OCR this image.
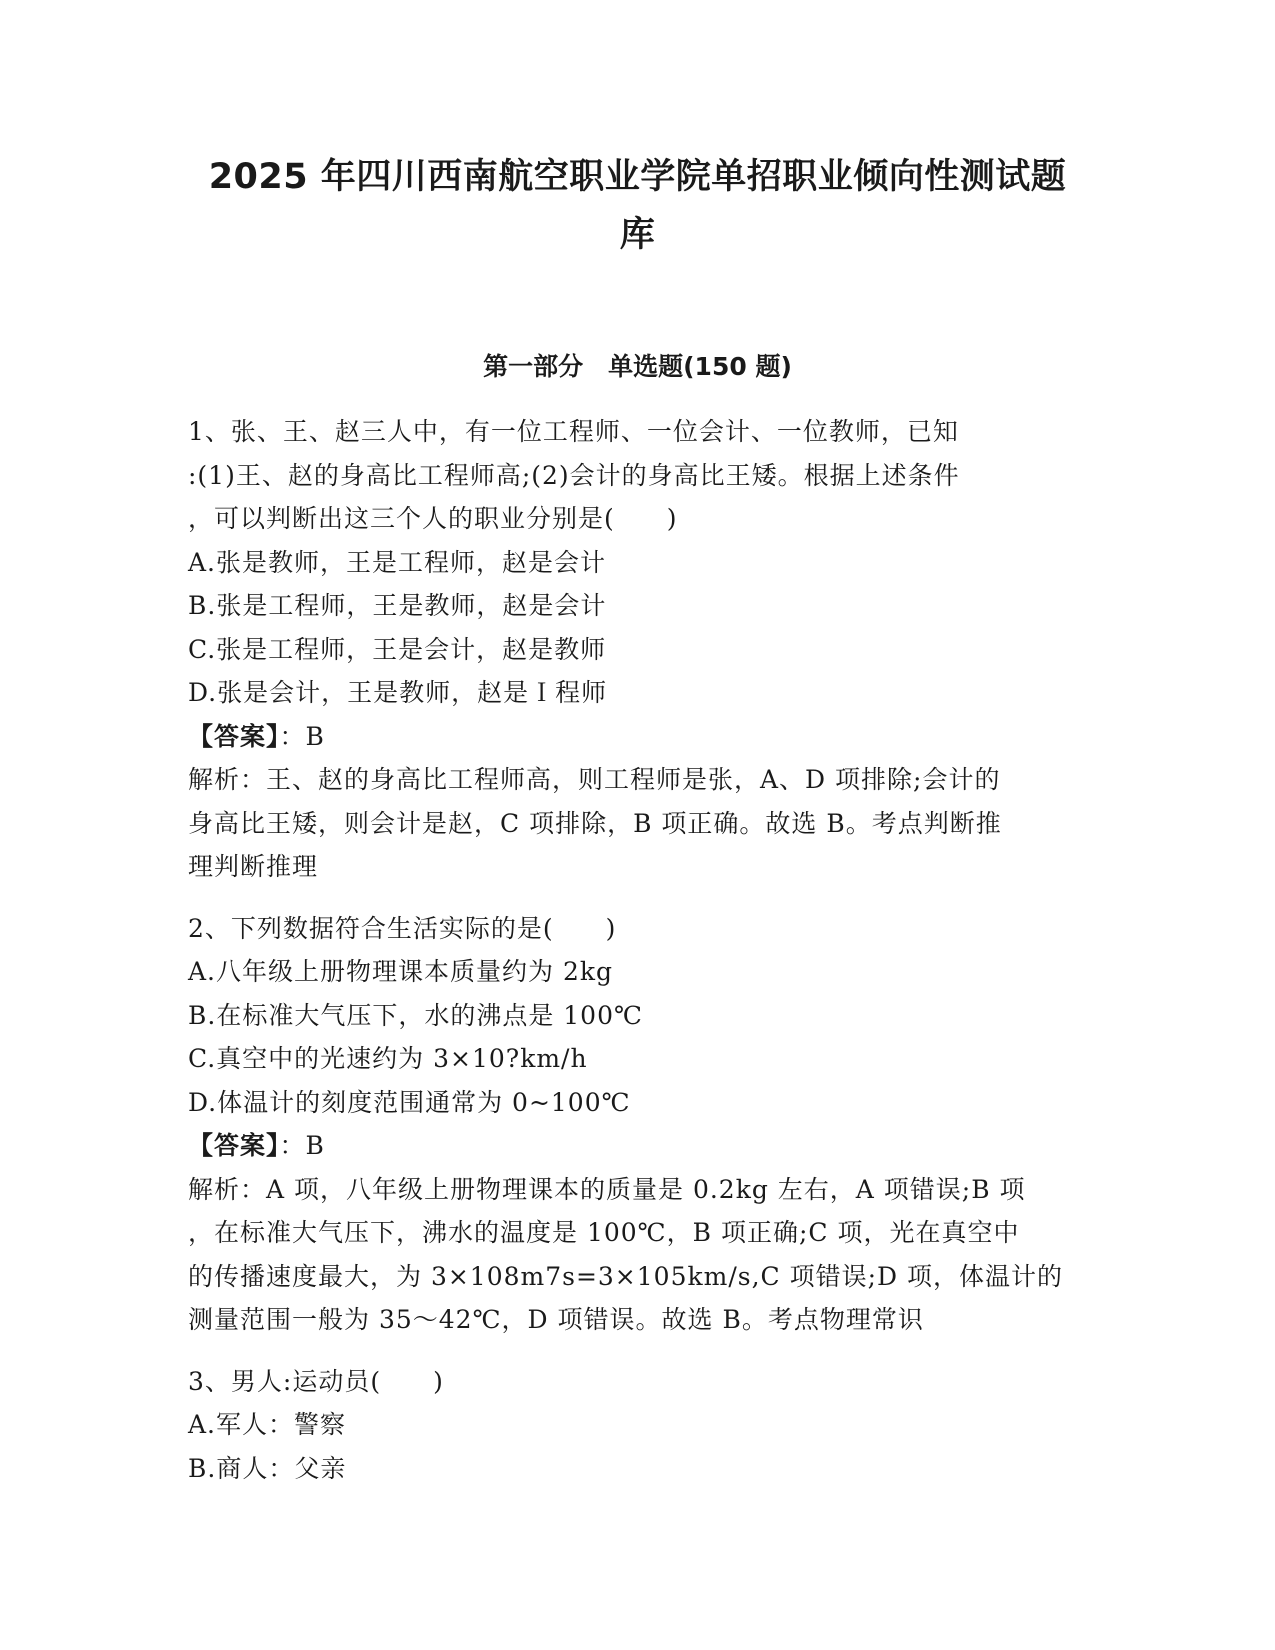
2025 年四川西南航空职业学院单招职业倾向性测试题
库
第一部分　单选题(150 题)
1、张、王、赵三人中，有一位工程师、一位会计、一位教师，已知
:(1)王、赵的身高比工程师高;(2)会计的身高比王矮。根据上述条件
，可以判断出这三个人的职业分别是(　　)
A.张是教师，王是工程师，赵是会计
B.张是工程师，王是教师，赵是会计
C.张是工程师，王是会计，赵是教师
D.张是会计，王是教师，赵是Ｉ程师
【答案】：B
解析：王、赵的身高比工程师高，则工程师是张，A、D 项排除;会计的
身高比王矮，则会计是赵，C 项排除，B 项正确。故选 B。考点判断推
理判断推理
2、下列数据符合生活实际的是(　　)
A.八年级上册物理课本质量约为 2kg
B.在标准大气压下，水的沸点是 100℃
C.真空中的光速约为 3×10?km/h
D.体温计的刻度范围通常为 0~100℃
【答案】：B
解析：A 项，八年级上册物理课本的质量是 0.2kg 左右，A 项错误;B 项
，在标准大气压下，沸水的温度是 100℃，B 项正确;C 项，光在真空中
的传播速度最大，为 3×108m7s=3×105km/s,C 项错误;D 项，体温计的
测量范围一般为 35～42℃，D 项错误。故选 B。考点物理常识
3、男人:运动员(　　)
A.军人：警察
B.商人：父亲
